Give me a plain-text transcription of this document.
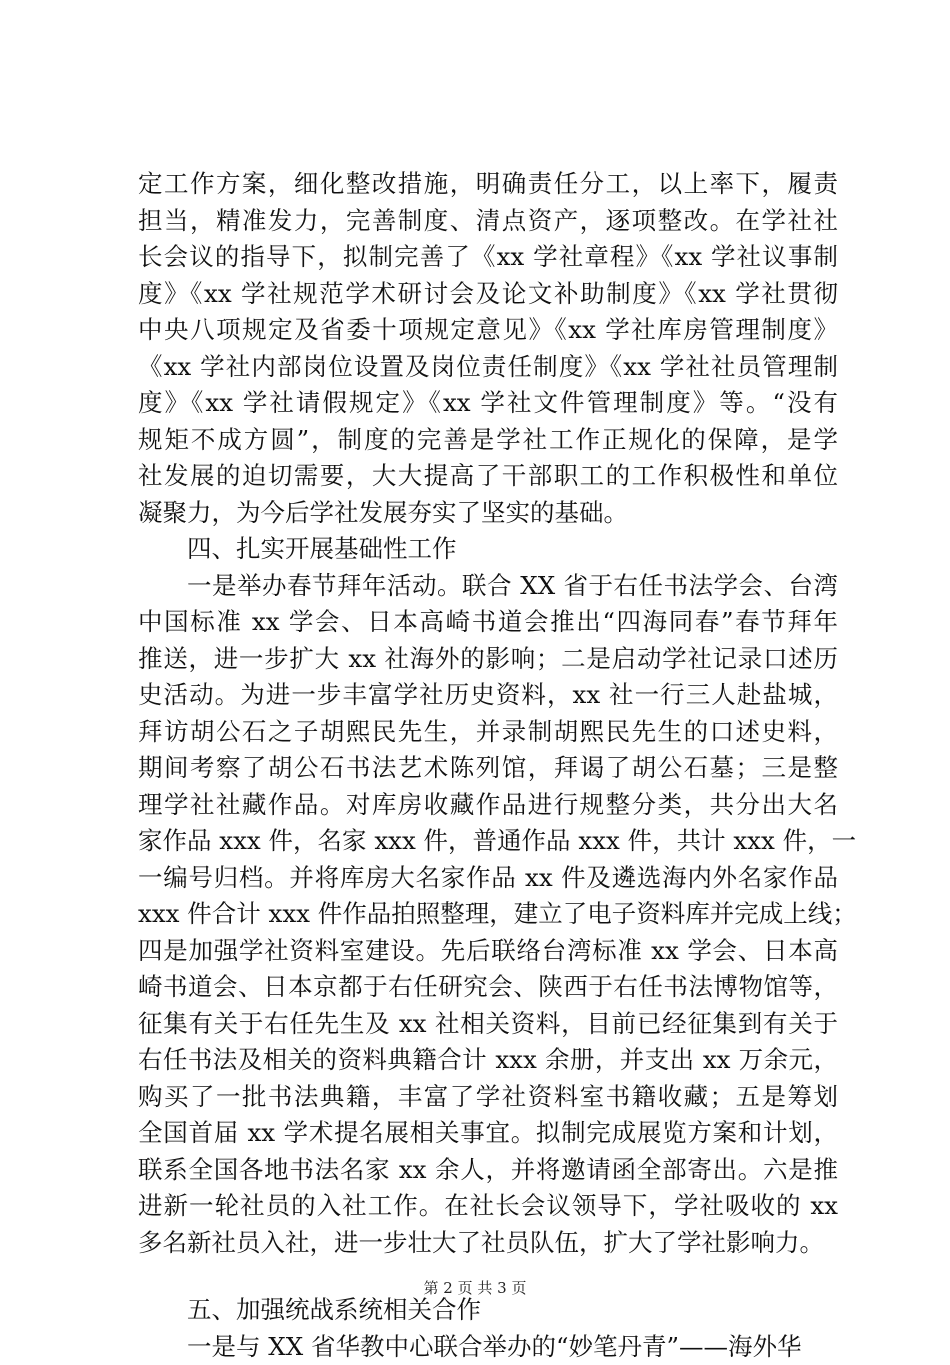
定工作方案，细化整改措施，明确责任分工，以上率下，履责
担当，精准发力，完善制度、清点资产，逐项整改。在学社社
长会议的指导下，拟制完善了《xx 学社章程》《xx 学社议事制
度》《xx 学社规范学术研讨会及论文补助制度》《xx 学社贯彻
中央八项规定及省委十项规定意见》《xx 学社库房管理制度》
《xx 学社内部岗位设置及岗位责任制度》《xx 学社社员管理制
度》《xx 学社请假规定》《xx 学社文件管理制度》等。“没有
规矩不成方圆”，制度的完善是学社工作正规化的保障，是学
社发展的迫切需要，大大提高了干部职工的工作积极性和单位
凝聚力，为今后学社发展夯实了坚实的基础。
四、扎实开展基础性工作
一是举办春节拜年活动。联合 XX 省于右任书法学会、台湾
中国标准 xx 学会、日本高崎书道会推出“四海同春”春节拜年
推送，进一步扩大 xx 社海外的影响；二是启动学社记录口述历
史活动。为进一步丰富学社历史资料，xx 社一行三人赴盐城，
拜访胡公石之子胡熙民先生，并录制胡熙民先生的口述史料，
期间考察了胡公石书法艺术陈列馆，拜谒了胡公石墓；三是整
理学社社藏作品。对库房收藏作品进行规整分类，共分出大名
家作品 xxx 件，名家 xxx 件，普通作品 xxx 件，共计 xxx 件，一
一编号归档。并将库房大名家作品 xx 件及遴选海内外名家作品
xxx 件合计 xxx 件作品拍照整理，建立了电子资料库并完成上线；
四是加强学社资料室建设。先后联络台湾标准 xx 学会、日本高
崎书道会、日本京都于右任研究会、陕西于右任书法博物馆等，
征集有关于右任先生及 xx 社相关资料，目前已经征集到有关于
右任书法及相关的资料典籍合计 xxx 余册，并支出 xx 万余元，
购买了一批书法典籍，丰富了学社资料室书籍收藏；五是筹划
全国首届 xx 学术提名展相关事宜。拟制完成展览方案和计划，
联系全国各地书法名家 xx 余人，并将邀请函全部寄出。六是推
进新一轮社员的入社工作。在社长会议领导下，学社吸收的 xx
多名新社员入社，进一步壮大了社员队伍，扩大了学社影响力。
五、加强统战系统相关合作
一是与 XX 省华教中心联合举办的“妙笔丹青”——海外华
第 2 页 共 3 页
